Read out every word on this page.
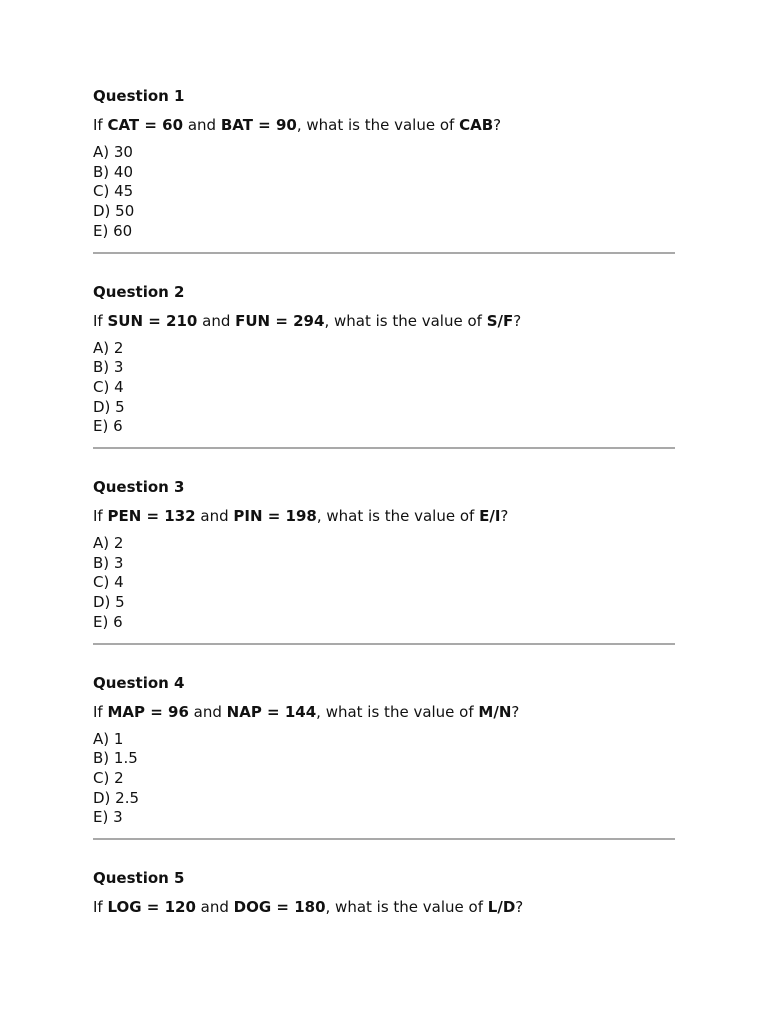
Question 1
If CAT = 60 and BAT = 90, what is the value of CAB?
A) 30
B) 40
C) 45
D) 50
E) 60
Question 2
If SUN = 210 and FUN = 294, what is the value of S/F?
A) 2
B) 3
C) 4
D) 5
E) 6
Question 3
If PEN = 132 and PIN = 198, what is the value of E/I?
A) 2
B) 3
C) 4
D) 5
E) 6
Question 4
If MAP = 96 and NAP = 144, what is the value of M/N?
A) 1
B) 1.5
C) 2
D) 2.5
E) 3
Question 5
If LOG = 120 and DOG = 180, what is the value of L/D?
